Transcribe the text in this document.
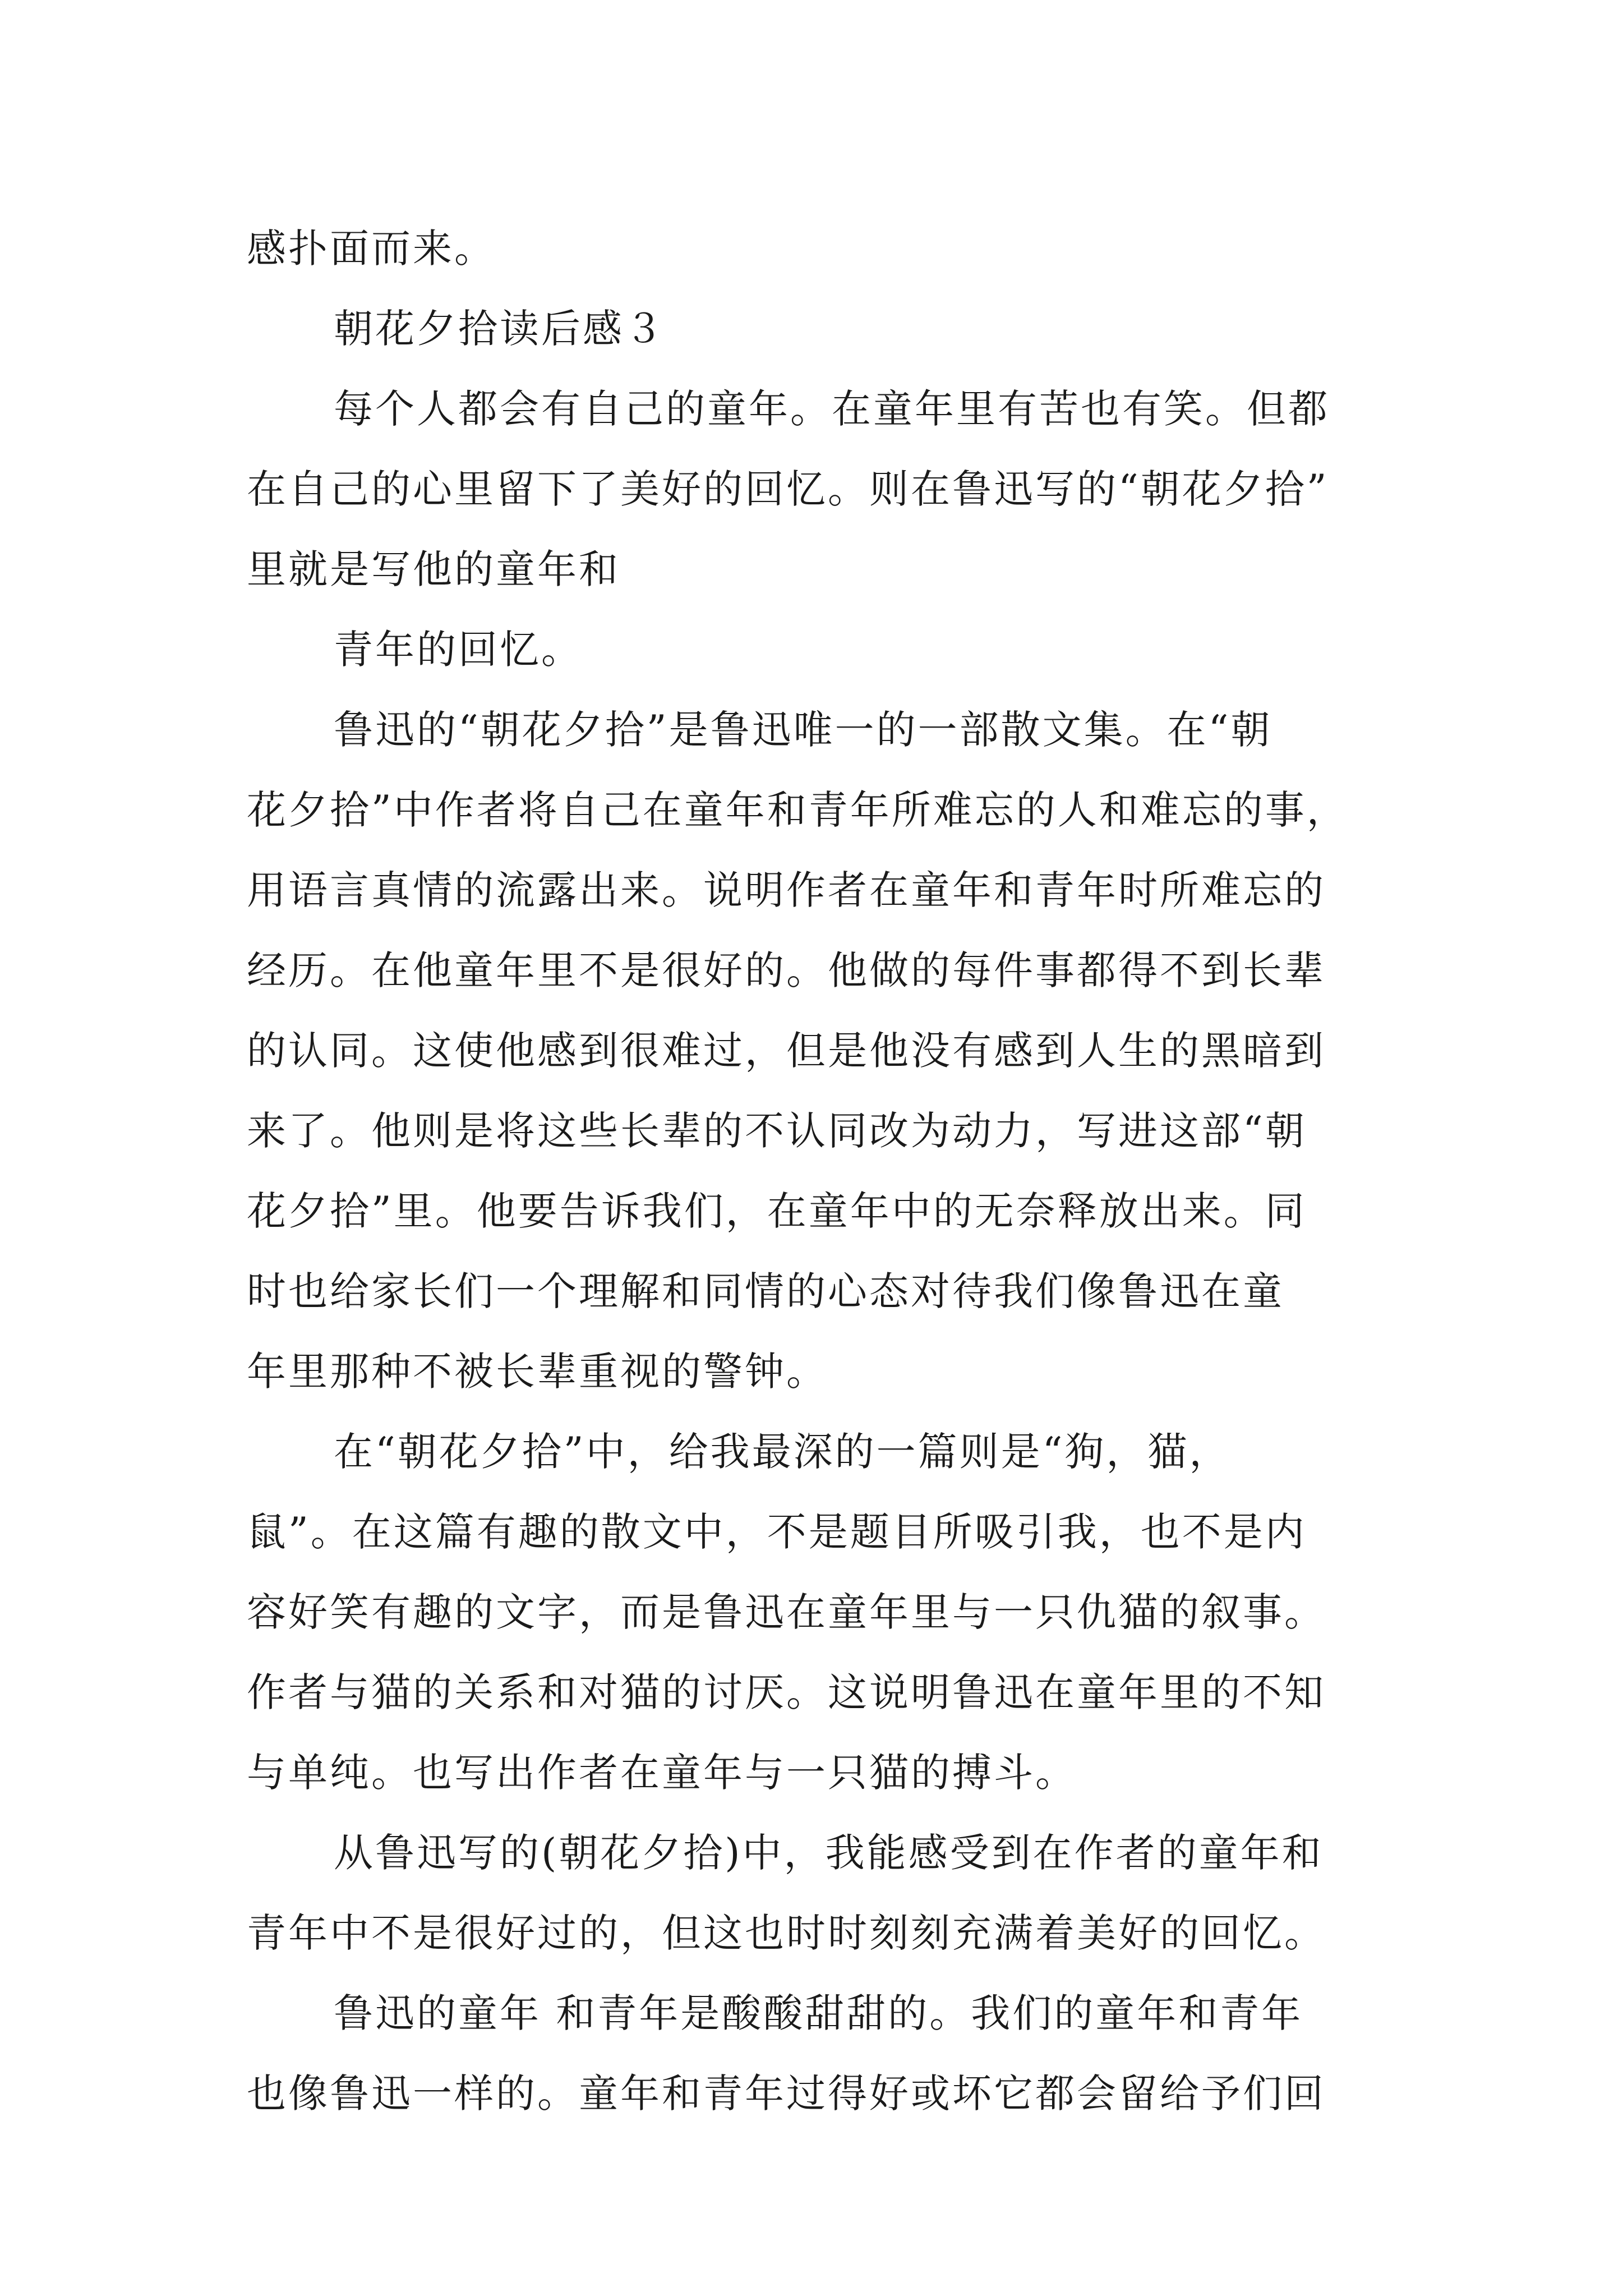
感扑面而来。
朝花夕拾读后感３
每个人都会有自己的童年。在童年里有苦也有笑。但都
在自己的心里留下了美好的回忆。则在鲁迅写的“朝花夕拾”
里就是写他的童年和
青年的回忆。
鲁迅的“朝花夕拾”是鲁迅唯一的一部散文集。在“朝
花夕拾”中作者将自己在童年和青年所难忘的人和难忘的事，
用语言真情的流露出来。说明作者在童年和青年时所难忘的
经历。在他童年里不是很好的。他做的每件事都得不到长辈
的认同。这使他感到很难过，但是他没有感到人生的黑暗到
来了。他则是将这些长辈的不认同改为动力，写进这部“朝
花夕拾”里。他要告诉我们，在童年中的无奈释放出来。同
时也给家长们一个理解和同情的心态对待我们像鲁迅在童
年里那种不被长辈重视的警钟。
在“朝花夕拾”中，给我最深的一篇则是“狗，猫，
鼠”。在这篇有趣的散文中，不是题目所吸引我，也不是内
容好笑有趣的文字，而是鲁迅在童年里与一只仇猫的叙事。
作者与猫的关系和对猫的讨厌。这说明鲁迅在童年里的不知
与单纯。也写出作者在童年与一只猫的搏斗。
从鲁迅写的(朝花夕拾)中，我能感受到在作者的童年和
青年中不是很好过的，但这也时时刻刻充满着美好的回忆。
鲁迅的童年 和青年是酸酸甜甜的。我们的童年和青年
也像鲁迅一样的。童年和青年过得好或坏它都会留给予们回
